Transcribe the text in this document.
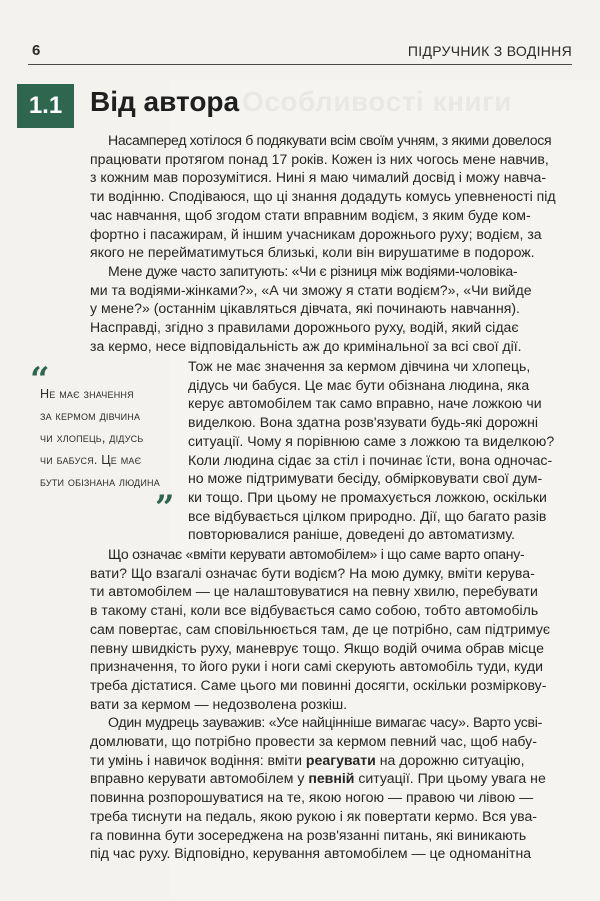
6	ПІДРУЧНИК З ВОДІННЯ
Особливості книги
1.1 Від автора
Насамперед хотілося б подякувати всім своїм учням, з якими довелося
працювати протягом понад 17 років. Кожен із них чогось мене навчив,
з кожним мав порозумітися. Нині я маю чималий досвід і можу навча-
ти водінню. Сподіваюся, що ці знання додадуть комусь упевненості під
час навчання, щоб згодом стати вправним водієм, з яким буде ком-
фортно і пасажирам, й іншим учасникам дорожнього руху; водієм, за
якого не перейматимуться близькі, коли він вирушатиме в подорож.
Мене дуже часто запитують: «Чи є різниця між водіями-чоловіка-
ми та водіями-жінками?», «А чи зможу я стати водієм?», «Чи вийде
у мене?» (останнім цікавляться дівчата, які починають навчання).
Насправді, згідно з правилами дорожнього руху, водій, який сідає
за кермо, несе відповідальність аж до кримінальної за всі свої дії.
“
Не має значення
за кермом дівчина
чи хлопець, дідусь
чи бабуся. Це має
бути обізнана людина
”
Тож не має значення за кермом дівчина чи хлопець,
дідусь чи бабуся. Це має бути обізнана людина, яка
керує автомобілем так само вправно, наче ложкою чи
виделкою. Вона здатна розв'язувати будь-які дорожні
ситуації. Чому я порівнюю саме з ложкою та виделкою?
Коли людина сідає за стіл і починає їсти, вона одночас-
но може підтримувати бесіду, обмірковувати свої дум-
ки тощо. При цьому не промахується ложкою, оскільки
все відбувається цілком природно. Дії, що багато разів
повторювалися раніше, доведені до автоматизму.
Що означає «вміти керувати автомобілем» і що саме варто опану-
вати? Що взагалі означає бути водієм? На мою думку, вміти керува-
ти автомобілем — це налаштовуватися на певну хвилю, перебувати
в такому стані, коли все відбувається само собою, тобто автомобіль
сам повертає, сам сповільнюється там, де це потрібно, сам підтримує
певну швидкість руху, маневрує тощо. Якщо водій очима обрав місце
призначення, то його руки і ноги самі скерують автомобіль туди, куди
треба дістатися. Саме цього ми повинні досягти, оскільки розміркову-
вати за кермом — недозволена розкіш.
Один мудрець зауважив: «Усе найцінніше вимагає часу». Варто усві-
домлювати, що потрібно провести за кермом певний час, щоб набу-
ти умінь і навичок водіння: вміти реагувати на дорожню ситуацію,
вправно керувати автомобілем у певній ситуації. При цьому увага не
повинна розпорошуватися на те, якою ногою — правою чи лівою —
треба тиснути на педаль, якою рукою і як повертати кермо. Вся ува-
га повинна бути зосереджена на розв'язанні питань, які виникають
під час руху. Відповідно, керування автомобілем — це одноманітна
